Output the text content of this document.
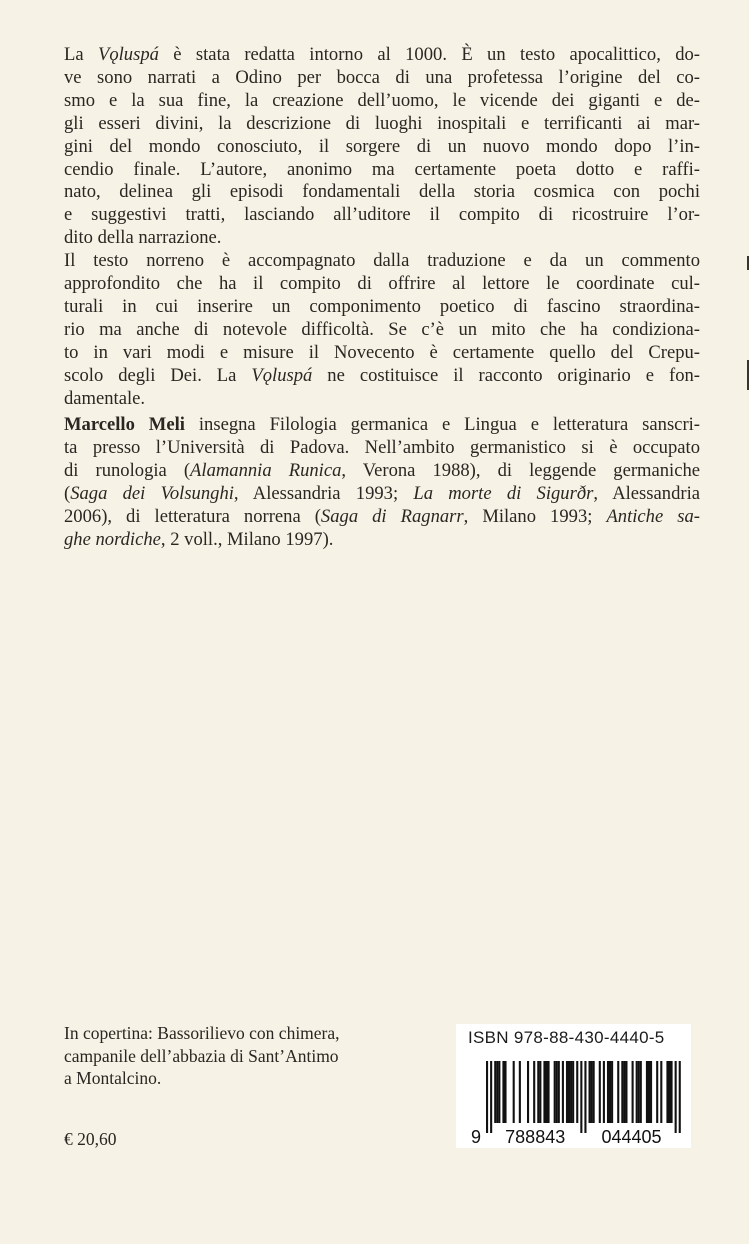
La Vǫluspá è stata redatta intorno al 1000. È un testo apocalittico, do-
ve sono narrati a Odino per bocca di una profetessa l’origine del co-
smo e la sua fine, la creazione dell’uomo, le vicende dei giganti e de-
gli esseri divini, la descrizione di luoghi inospitali e terrificanti ai mar-
gini del mondo conosciuto, il sorgere di un nuovo mondo dopo l’in-
cendio finale. L’autore, anonimo ma certamente poeta dotto e raffi-
nato, delinea gli episodi fondamentali della storia cosmica con pochi
e suggestivi tratti, lasciando all’uditore il compito di ricostruire l’or-
dito della narrazione.
Il testo norreno è accompagnato dalla traduzione e da un commento
approfondito che ha il compito di offrire al lettore le coordinate cul-
turali in cui inserire un componimento poetico di fascino straordina-
rio ma anche di notevole difficoltà. Se c’è un mito che ha condiziona-
to in vari modi e misure il Novecento è certamente quello del Crepu-
scolo degli Dei. La Vǫluspá ne costituisce il racconto originario e fon-
damentale.
Marcello Meli insegna Filologia germanica e Lingua e letteratura sanscri-
ta presso l’Università di Padova. Nell’ambito germanistico si è occupato
di runologia (Alamannia Runica, Verona 1988), di leggende germaniche
(Saga dei Volsunghi, Alessandria 1993; La morte di Sigurðr, Alessandria
2006), di letteratura norrena (Saga di Ragnarr, Milano 1993; Antiche sa-
ghe nordiche, 2 voll., Milano 1997).
In copertina: Bassorilievo con chimera,
campanile dell’abbazia di Sant’Antimo
a Montalcino.
€ 20,60
ISBN 978-88-430-4440-5
9 788843 044405
